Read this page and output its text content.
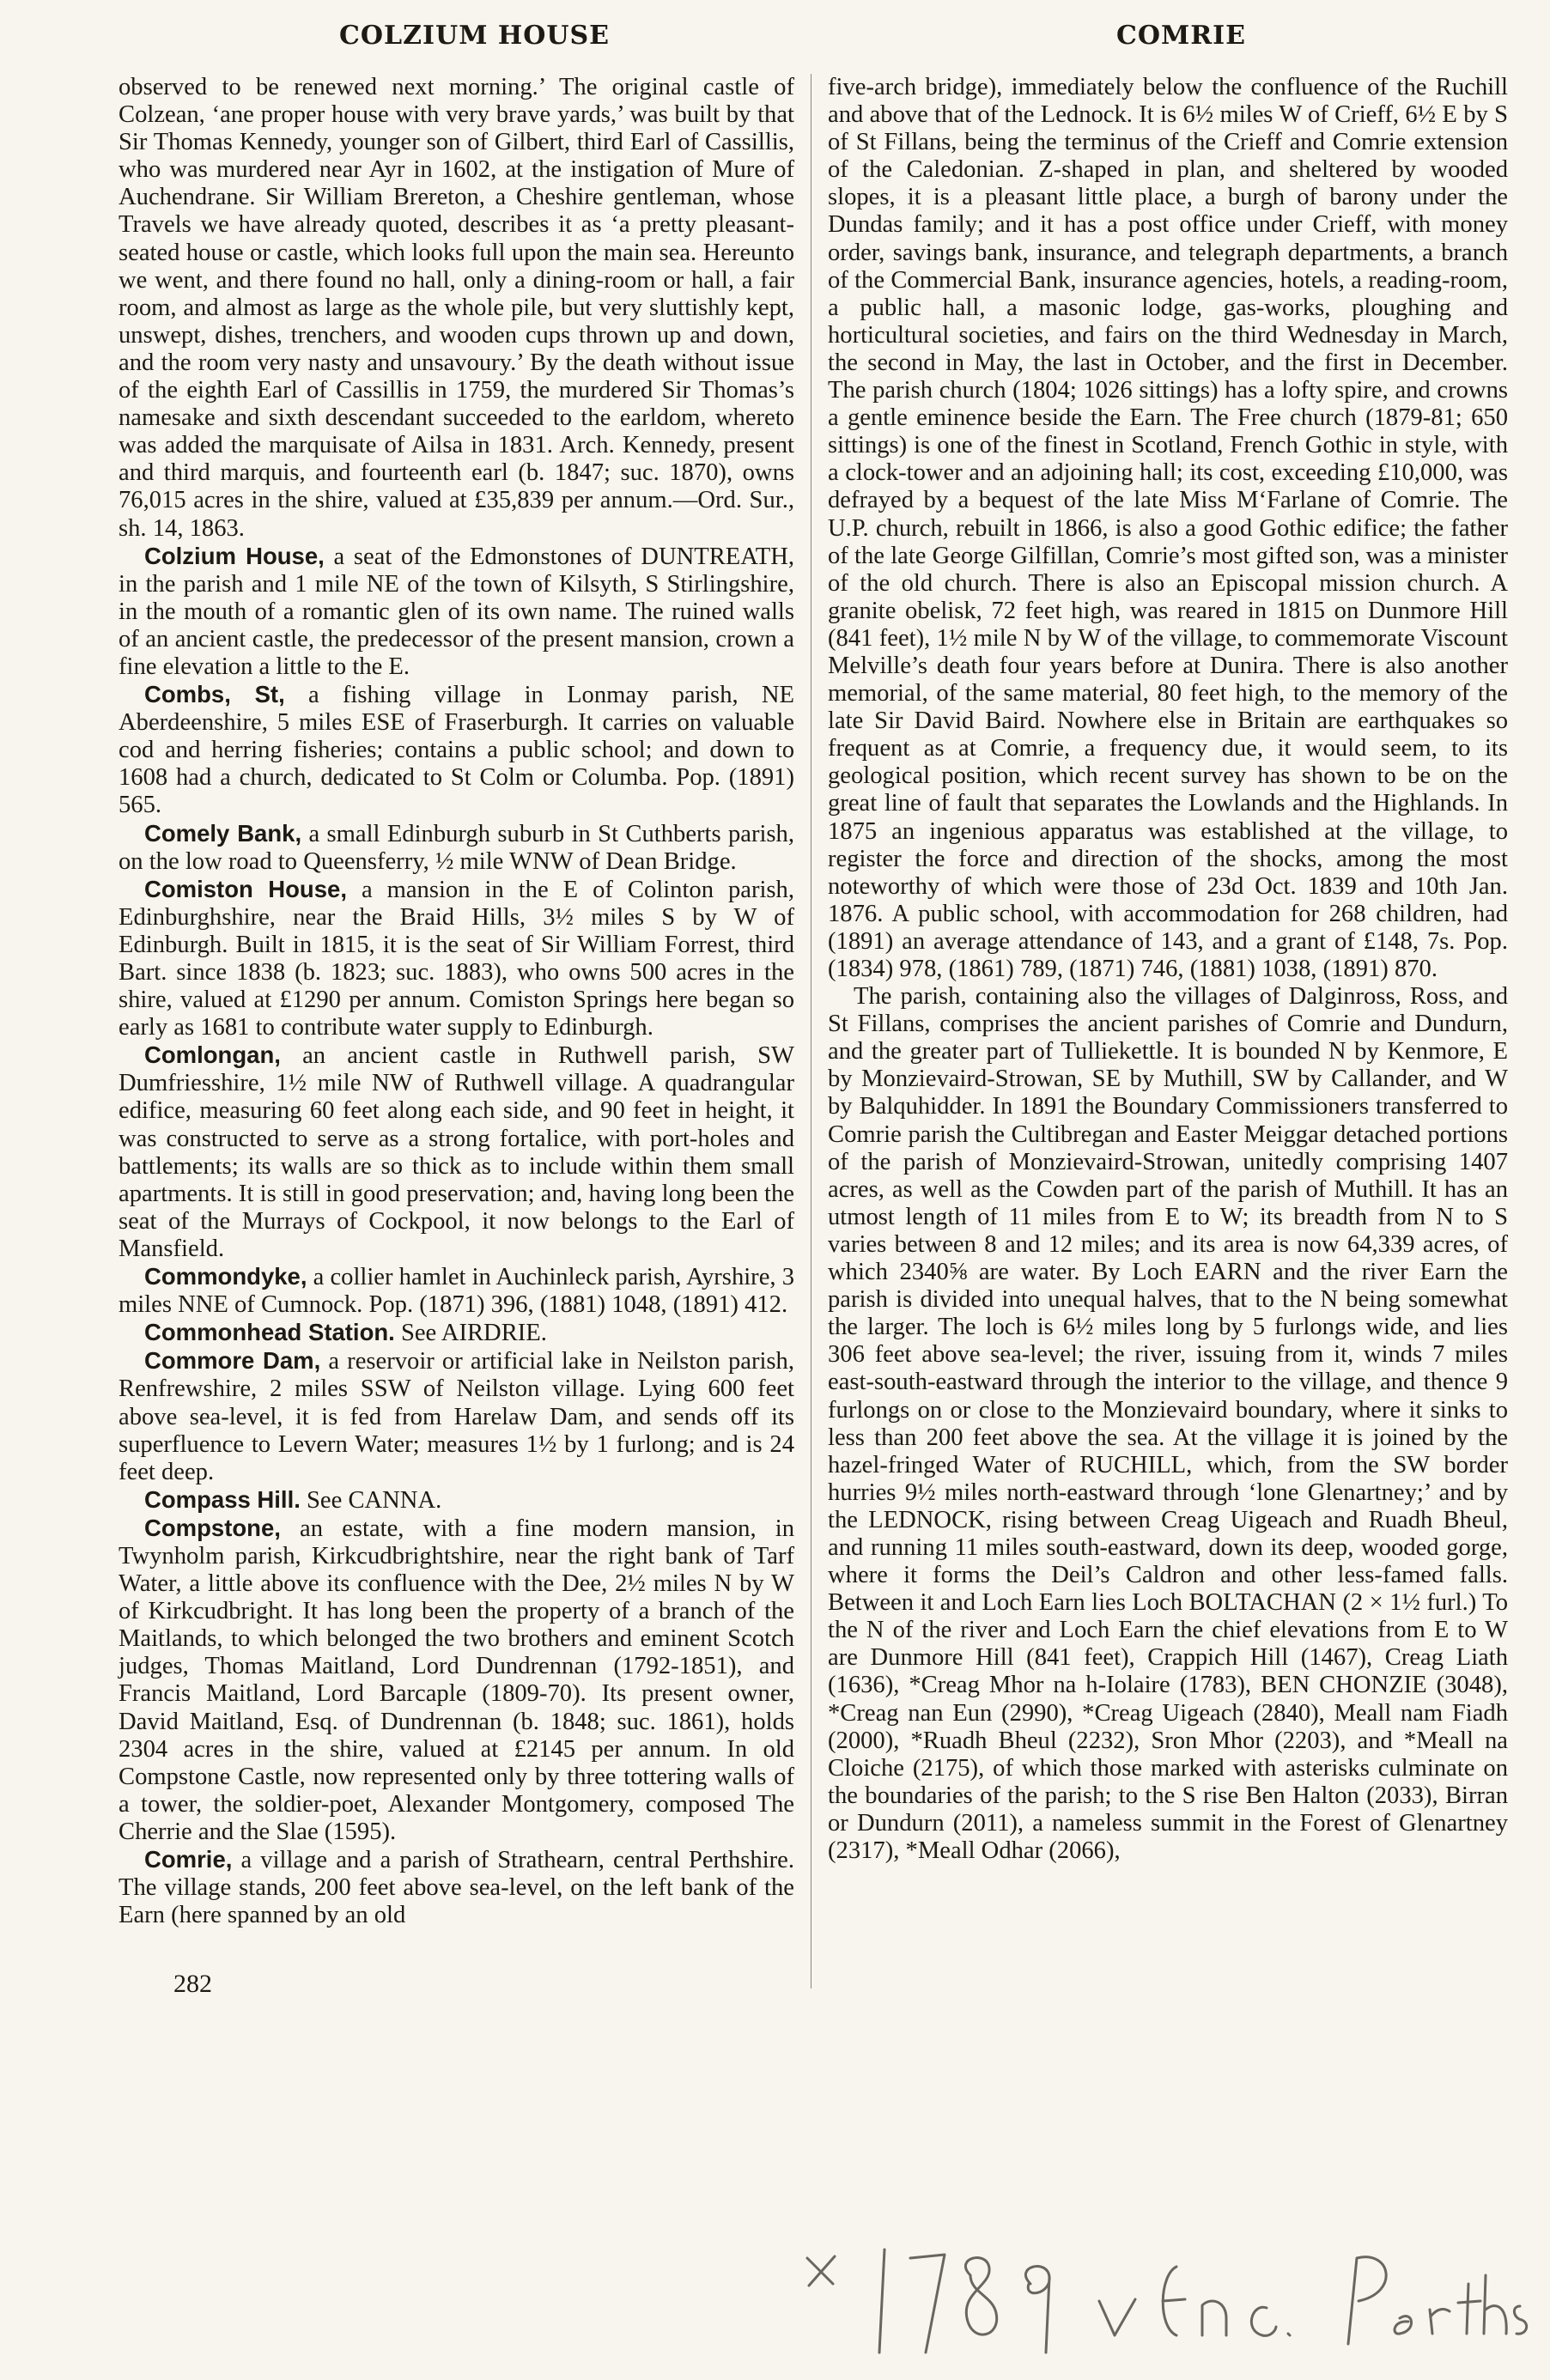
COLZIUM HOUSE	COMRIE

observed to be renewed next morning.’ The original castle of Colzean, ‘ane proper house with very brave yards,’ was built by that Sir Thomas Kennedy, younger son of Gilbert, third Earl of Cassillis, who was murdered near Ayr in 1602, at the instigation of Mure of Auchendrane. Sir William Brereton, a Cheshire gentleman, whose Travels we have already quoted, describes it as ‘a pretty pleasant-seated house or castle, which looks full upon the main sea. Hereunto we went, and there found no hall, only a dining-room or hall, a fair room, and almost as large as the whole pile, but very sluttishly kept, unswept, dishes, trenchers, and wooden cups thrown up and down, and the room very nasty and unsavoury.’ By the death without issue of the eighth Earl of Cassillis in 1759, the murdered Sir Thomas’s namesake and sixth descendant succeeded to the earldom, whereto was added the marquisate of Ailsa in 1831. Arch. Kennedy, present and third marquis, and fourteenth earl (b. 1847; suc. 1870), owns 76,015 acres in the shire, valued at £35,839 per annum.—Ord. Sur., sh. 14, 1863.

Colzium House, a seat of the Edmonstones of DUNTREATH, in the parish and 1 mile NE of the town of Kilsyth, S Stirlingshire, in the mouth of a romantic glen of its own name. The ruined walls of an ancient castle, the predecessor of the present mansion, crown a fine elevation a little to the E.

Combs, St, a fishing village in Lonmay parish, NE Aberdeenshire, 5 miles ESE of Fraserburgh. It carries on valuable cod and herring fisheries; contains a public school; and down to 1608 had a church, dedicated to St Colm or Columba. Pop. (1891) 565.

Comely Bank, a small Edinburgh suburb in St Cuthberts parish, on the low road to Queensferry, ½ mile WNW of Dean Bridge.

Comiston House, a mansion in the E of Colinton parish, Edinburghshire, near the Braid Hills, 3½ miles S by W of Edinburgh. Built in 1815, it is the seat of Sir William Forrest, third Bart. since 1838 (b. 1823; suc. 1883), who owns 500 acres in the shire, valued at £1290 per annum. Comiston Springs here began so early as 1681 to contribute water supply to Edinburgh.

Comlongan, an ancient castle in Ruthwell parish, SW Dumfriesshire, 1½ mile NW of Ruthwell village. A quadrangular edifice, measuring 60 feet along each side, and 90 feet in height, it was constructed to serve as a strong fortalice, with port-holes and battlements; its walls are so thick as to include within them small apartments. It is still in good preservation; and, having long been the seat of the Murrays of Cockpool, it now belongs to the Earl of Mansfield.

Commondyke, a collier hamlet in Auchinleck parish, Ayrshire, 3 miles NNE of Cumnock. Pop. (1871) 396, (1881) 1048, (1891) 412.

Commonhead Station. See AIRDRIE.

Commore Dam, a reservoir or artificial lake in Neilston parish, Renfrewshire, 2 miles SSW of Neilston village. Lying 600 feet above sea-level, it is fed from Harelaw Dam, and sends off its superfluence to Levern Water; measures 1½ by 1 furlong; and is 24 feet deep.

Compass Hill. See CANNA.

Compstone, an estate, with a fine modern mansion, in Twynholm parish, Kirkcudbrightshire, near the right bank of Tarf Water, a little above its confluence with the Dee, 2½ miles N by W of Kirkcudbright. It has long been the property of a branch of the Maitlands, to which belonged the two brothers and eminent Scotch judges, Thomas Maitland, Lord Dundrennan (1792-1851), and Francis Maitland, Lord Barcaple (1809-70). Its present owner, David Maitland, Esq. of Dundrennan (b. 1848; suc. 1861), holds 2304 acres in the shire, valued at £2145 per annum. In old Compstone Castle, now represented only by three tottering walls of a tower, the soldier-poet, Alexander Montgomery, composed The Cherrie and the Slae (1595).

Comrie, a village and a parish of Strathearn, central Perthshire. The village stands, 200 feet above sea-level, on the left bank of the Earn (here spanned by an old

five-arch bridge), immediately below the confluence of the Ruchill and above that of the Lednock. It is 6½ miles W of Crieff, 6½ E by S of St Fillans, being the terminus of the Crieff and Comrie extension of the Caledonian. Z-shaped in plan, and sheltered by wooded slopes, it is a pleasant little place, a burgh of barony under the Dundas family; and it has a post office under Crieff, with money order, savings bank, insurance, and telegraph departments, a branch of the Commercial Bank, insurance agencies, hotels, a reading-room, a public hall, a masonic lodge, gas-works, ploughing and horticultural societies, and fairs on the third Wednesday in March, the second in May, the last in October, and the first in December. The parish church (1804; 1026 sittings) has a lofty spire, and crowns a gentle eminence beside the Earn. The Free church (1879-81; 650 sittings) is one of the finest in Scotland, French Gothic in style, with a clock-tower and an adjoining hall; its cost, exceeding £10,000, was defrayed by a bequest of the late Miss M‘Farlane of Comrie. The U.P. church, rebuilt in 1866, is also a good Gothic edifice; the father of the late George Gilfillan, Comrie’s most gifted son, was a minister of the old church. There is also an Episcopal mission church. A granite obelisk, 72 feet high, was reared in 1815 on Dunmore Hill (841 feet), 1½ mile N by W of the village, to commemorate Viscount Melville’s death four years before at Dunira. There is also another memorial, of the same material, 80 feet high, to the memory of the late Sir David Baird. Nowhere else in Britain are earthquakes so frequent as at Comrie, a frequency due, it would seem, to its geological position, which recent survey has shown to be on the great line of fault that separates the Lowlands and the Highlands. In 1875 an ingenious apparatus was established at the village, to register the force and direction of the shocks, among the most noteworthy of which were those of 23d Oct. 1839 and 10th Jan. 1876. A public school, with accommodation for 268 children, had (1891) an average attendance of 143, and a grant of £148, 7s. Pop. (1834) 978, (1861) 789, (1871) 746, (1881) 1038, (1891) 870.

The parish, containing also the villages of Dalginross, Ross, and St Fillans, comprises the ancient parishes of Comrie and Dundurn, and the greater part of Tulliekettle. It is bounded N by Kenmore, E by Monzievaird-Strowan, SE by Muthill, SW by Callander, and W by Balquhidder. In 1891 the Boundary Commissioners transferred to Comrie parish the Cultibregan and Easter Meiggar detached portions of the parish of Monzievaird-Strowan, unitedly comprising 1407 acres, as well as the Cowden part of the parish of Muthill. It has an utmost length of 11 miles from E to W; its breadth from N to S varies between 8 and 12 miles; and its area is now 64,339 acres, of which 2340⅝ are water. By Loch EARN and the river Earn the parish is divided into unequal halves, that to the N being somewhat the larger. The loch is 6½ miles long by 5 furlongs wide, and lies 306 feet above sea-level; the river, issuing from it, winds 7 miles east-south-eastward through the interior to the village, and thence 9 furlongs on or close to the Monzievaird boundary, where it sinks to less than 200 feet above the sea. At the village it is joined by the hazel-fringed Water of RUCHILL, which, from the SW border hurries 9½ miles north-eastward through ‘lone Glenartney;’ and by the LEDNOCK, rising between Creag Uigeach and Ruadh Bheul, and running 11 miles south-eastward, down its deep, wooded gorge, where it forms the Deil’s Caldron and other less-famed falls. Between it and Loch Earn lies Loch BOLTACHAN (2 × 1½ furl.) To the N of the river and Loch Earn the chief elevations from E to W are Dunmore Hill (841 feet), Crappich Hill (1467), Creag Liath (1636), *Creag Mhor na h-Iolaire (1783), BEN CHONZIE (3048), *Creag nan Eun (2990), *Creag Uigeach (2840), Meall nam Fiadh (2000), *Ruadh Bheul (2232), Sron Mhor (2203), and *Meall na Cloiche (2175), of which those marked with asterisks culminate on the boundaries of the parish; to the S rise Ben Halton (2033), Birran or Dundurn (2011), a nameless summit in the Forest of Glenartney (2317), *Meall Odhar (2066),

282
